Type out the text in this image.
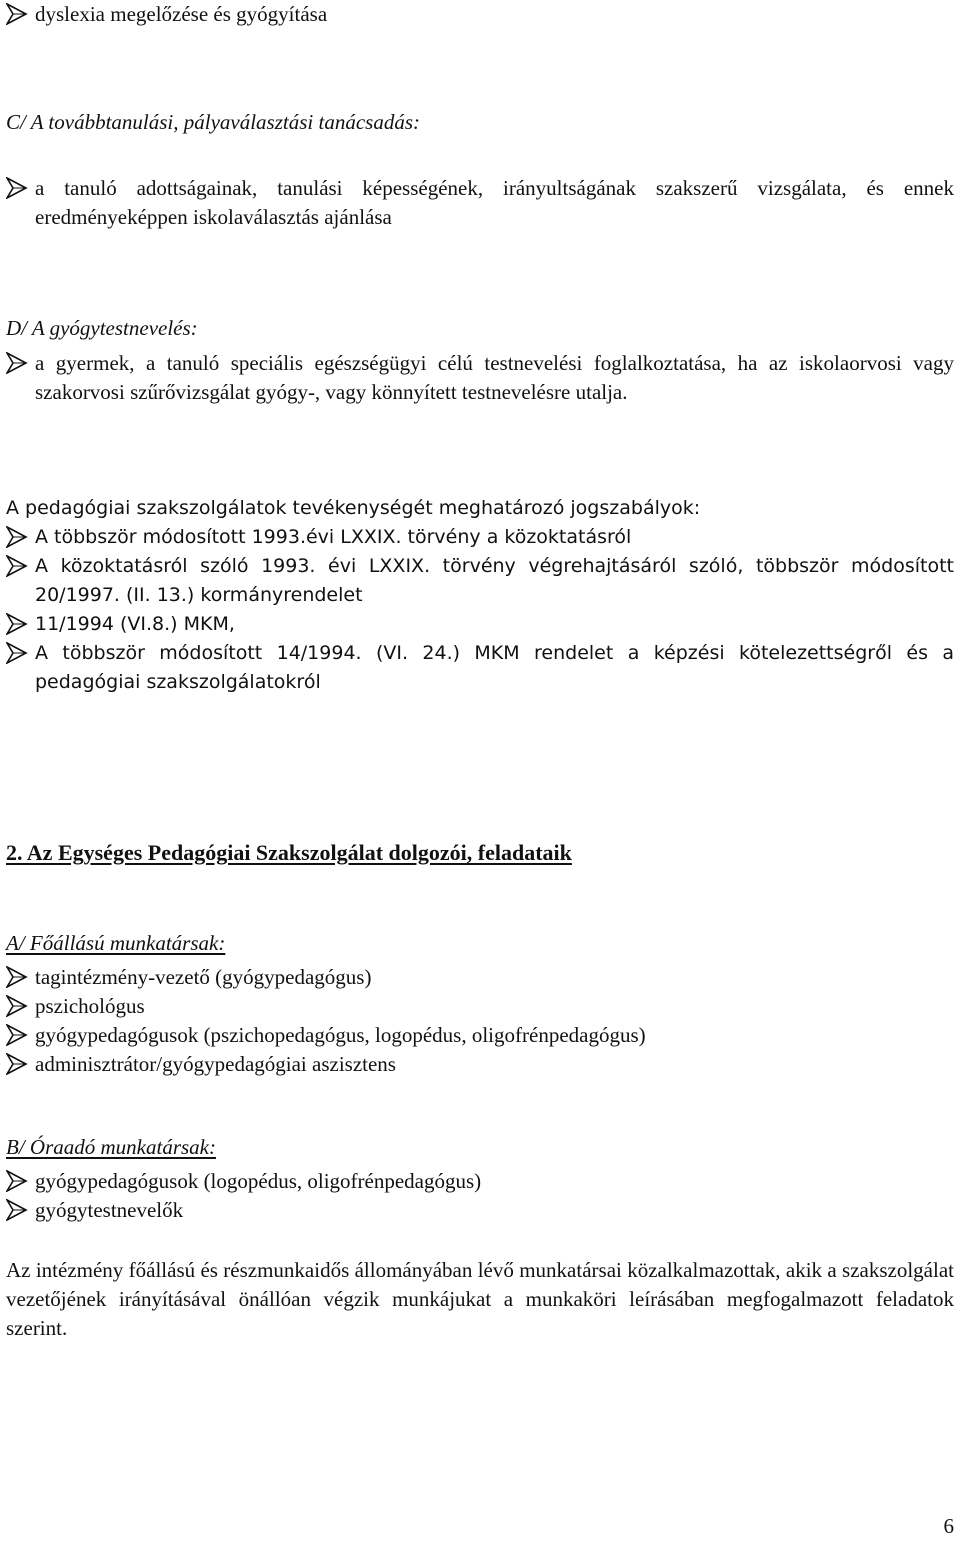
dyslexia megelőzése és gyógyítása
C/ A továbbtanulási, pályaválasztási tanácsadás:
a tanuló adottságainak, tanulási képességének, irányultságának szakszerű vizsgálata, és ennek eredményeképpen iskolaválasztás ajánlása
D/ A gyógytestnevelés:
a gyermek, a tanuló speciális egészségügyi célú testnevelési foglalkoztatása, ha az iskolaorvosi vagy szakorvosi szűrővizsgálat gyógy-, vagy könnyített testnevelésre utalja.
A pedagógiai szakszolgálatok tevékenységét meghatározó jogszabályok:
A többször módosított 1993.évi LXXIX. törvény a közoktatásról
A közoktatásról szóló 1993. évi LXXIX. törvény végrehajtásáról szóló, többször módosított 20/1997. (II. 13.) kormányrendelet
11/1994 (VI.8.) MKM,
A többször módosított 14/1994. (VI. 24.) MKM rendelet a képzési kötelezettségről és a pedagógiai szakszolgálatokról
2. Az Egységes Pedagógiai Szakszolgálat dolgozói, feladataik
A/ Főállású munkatársak:
tagintézmény-vezető (gyógypedagógus)
pszichológus
gyógypedagógusok (pszichopedagógus, logopédus, oligofrénpedagógus)
adminisztrátor/gyógypedagógiai aszisztens
B/ Óraadó munkatársak:
gyógypedagógusok (logopédus, oligofrénpedagógus)
gyógytestnevelők
Az intézmény főállású és részmunkaidős állományában lévő munkatársai közalkalmazottak, akik a szakszolgálat vezetőjének irányításával önállóan végzik munkájukat a munkaköri leírásában megfogalmazott feladatok szerint.
6
